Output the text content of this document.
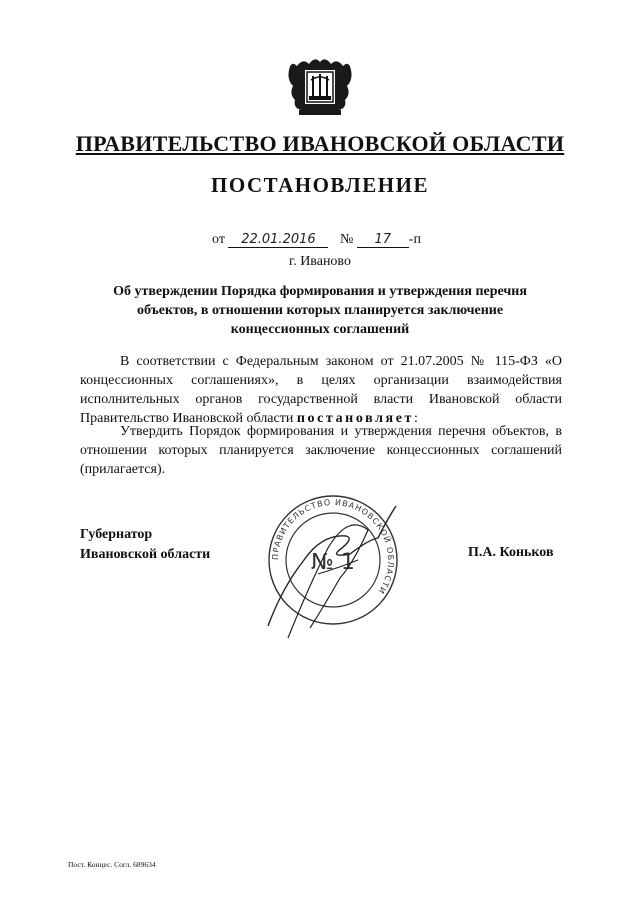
ПРАВИТЕЛЬСТВО ИВАНОВСКОЙ ОБЛАСТИ
ПОСТАНОВЛЕНИЕ
от 22.01.2016 № 17 -п
г. Иваново
Об утверждении Порядка формирования и утверждения перечня
объектов, в отношении которых планируется заключение
концессионных соглашений
В соответствии с Федеральным законом от 21.07.2005 № 115-ФЗ «О концессионных соглашениях», в целях организации взаимодействия исполнительных органов государственной власти Ивановской области Правительство Ивановской области постановляет:
Утвердить Порядок формирования и утверждения перечня объектов, в отношении которых планируется заключение концессионных соглашений (прилагается).
Губернатор
Ивановской области	ПРАВИТЕЛЬСТВО ИВАНОВСКОЙ ОБЛАСТИ
№ 1	П.А. Коньков
Пост. Концес. Согл. 689634
